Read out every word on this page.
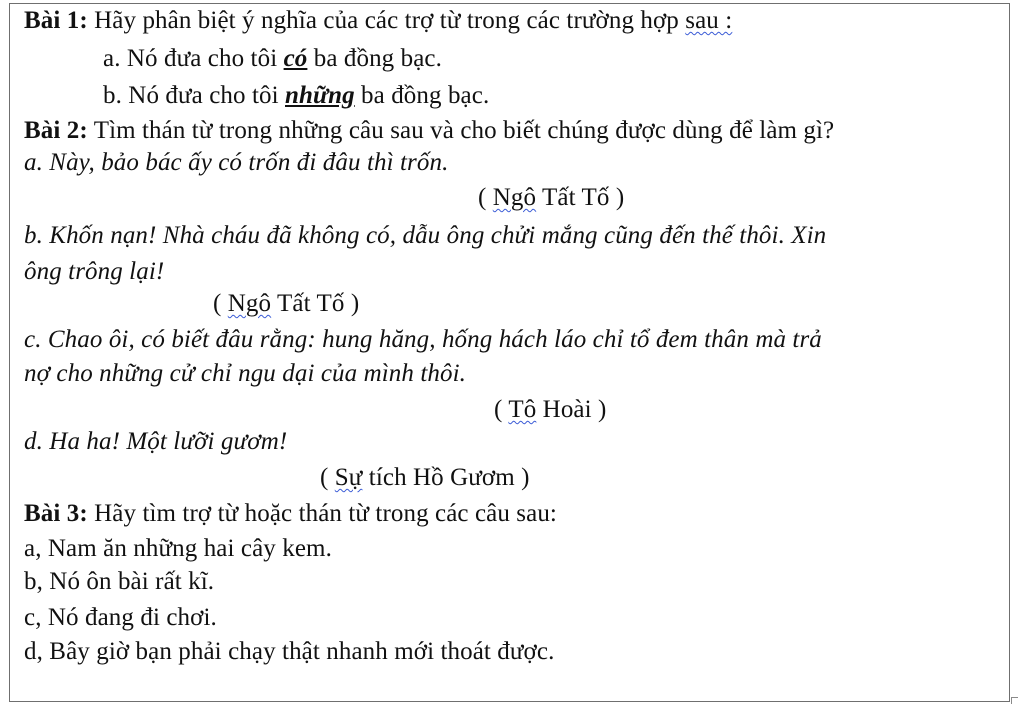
Bài 1: Hãy phân biệt ý nghĩa của các trợ từ trong các trường hợp sau :
a. Nó đưa cho tôi có ba đồng bạc.
b. Nó đưa cho tôi những ba đồng bạc.
Bài 2: Tìm thán từ trong những câu sau và cho biết chúng được dùng để làm gì?
a. Này, bảo bác ấy có trốn đi đâu thì trốn.
( Ngô Tất Tố )
b. Khốn nạn! Nhà cháu đã không có, dẫu ông chửi mắng cũng đến thế thôi. Xin
ông trông lại!
( Ngô Tất Tố )
c. Chao ôi, có biết đâu rằng: hung hăng, hống hách láo chỉ tổ đem thân mà trả
nợ cho những cử chỉ ngu dại của mình thôi.
( Tô Hoài )
d. Ha ha! Một lưỡi gươm!
( Sự tích Hồ Gươm )
Bài 3: Hãy tìm trợ từ hoặc thán từ trong các câu sau:
a, Nam ăn những hai cây kem.
b, Nó ôn bài rất kĩ.
c, Nó đang đi chơi.
d, Bây giờ bạn phải chạy thật nhanh mới thoát được.
